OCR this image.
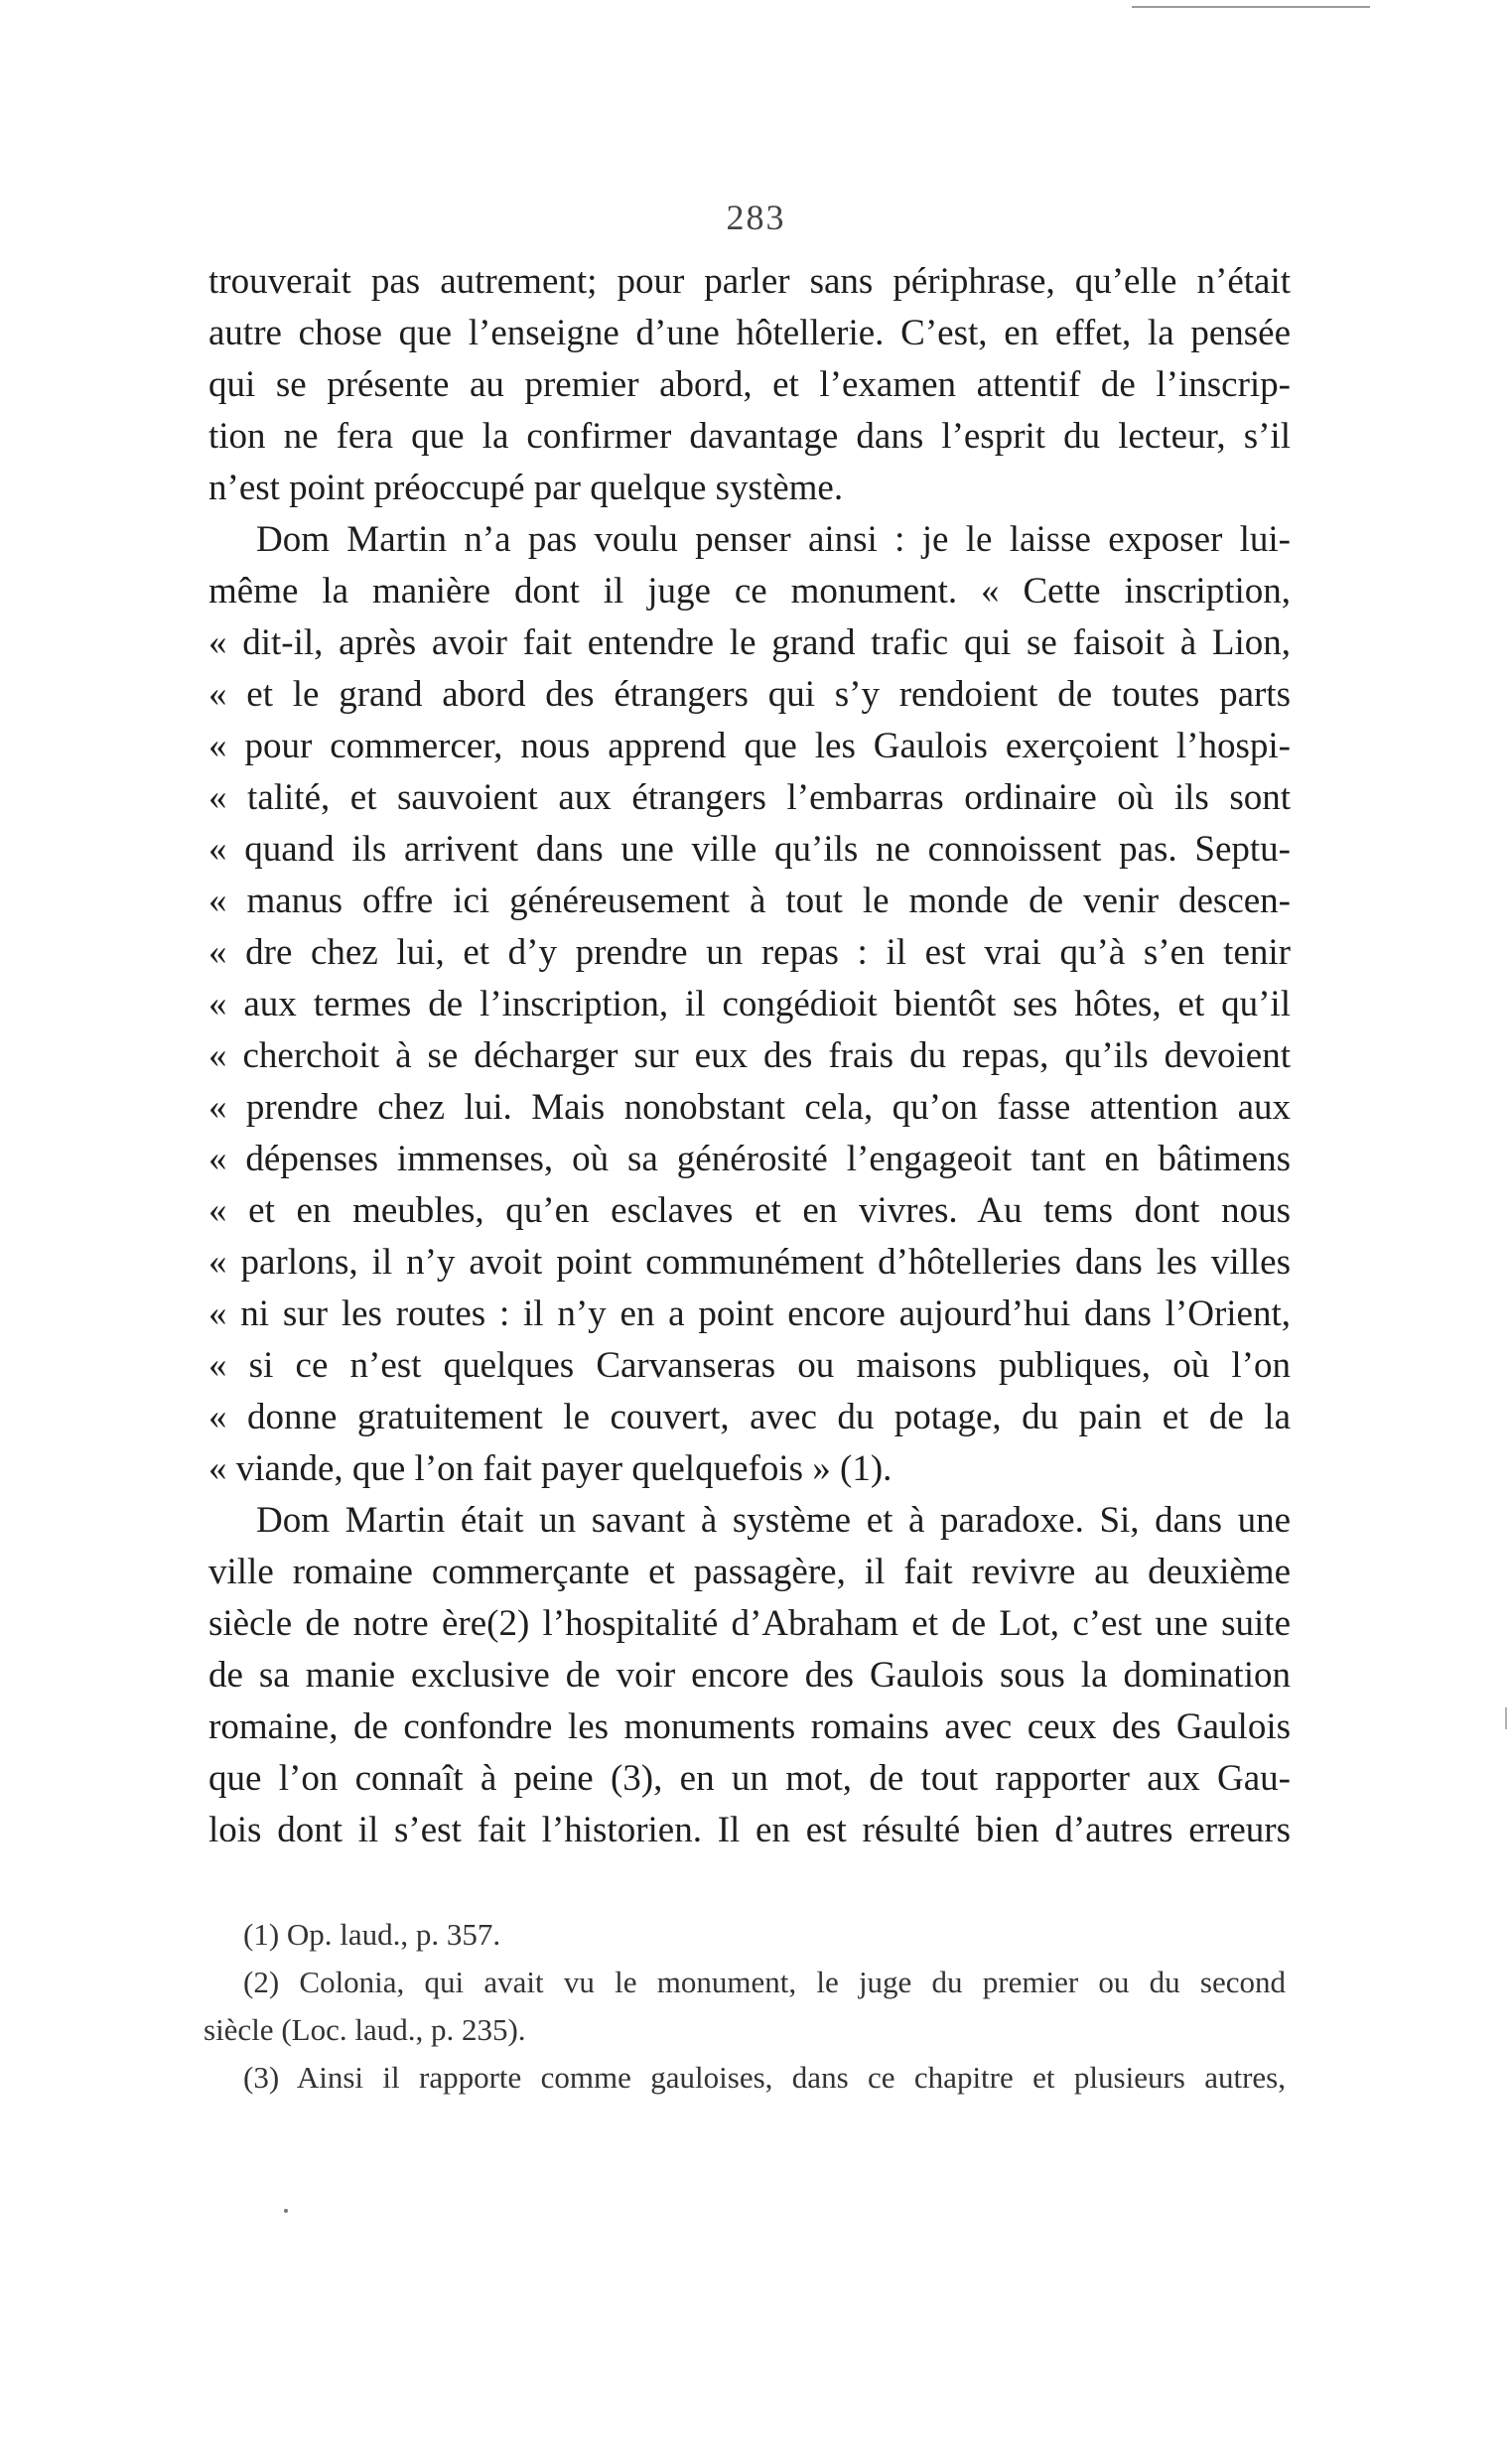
283
trouverait pas autrement; pour parler sans périphrase, qu’elle n’était
autre chose que l’enseigne d’une hôtellerie. C’est, en effet, la pensée
qui se présente au premier abord, et l’examen attentif de l’inscrip-
tion ne fera que la confirmer davantage dans l’esprit du lecteur, s’il
n’est point préoccupé par quelque système.
Dom Martin n’a pas voulu penser ainsi : je le laisse exposer lui-
même la manière dont il juge ce monument. « Cette inscription,
« dit-il, après avoir fait entendre le grand trafic qui se faisoit à Lion,
« et le grand abord des étrangers qui s’y rendoient de toutes parts
« pour commercer, nous apprend que les Gaulois exerçoient l’hospi-
« talité, et sauvoient aux étrangers l’embarras ordinaire où ils sont
« quand ils arrivent dans une ville qu’ils ne connoissent pas. Septu-
« manus offre ici généreusement à tout le monde de venir descen-
« dre chez lui, et d’y prendre un repas : il est vrai qu’à s’en tenir
« aux termes de l’inscription, il congédioit bientôt ses hôtes, et qu’il
« cherchoit à se décharger sur eux des frais du repas, qu’ils devoient
« prendre chez lui. Mais nonobstant cela, qu’on fasse attention aux
« dépenses immenses, où sa générosité l’engageoit tant en bâtimens
« et en meubles, qu’en esclaves et en vivres. Au tems dont nous
« parlons, il n’y avoit point communément d’hôtelleries dans les villes
« ni sur les routes : il n’y en a point encore aujourd’hui dans l’Orient,
« si ce n’est quelques Carvanseras ou maisons publiques, où l’on
« donne gratuitement le couvert, avec du potage, du pain et de la
« viande, que l’on fait payer quelquefois » (1).
Dom Martin était un savant à système et à paradoxe. Si, dans une
ville romaine commerçante et passagère, il fait revivre au deuxième
siècle de notre ère(2) l’hospitalité d’Abraham et de Lot, c’est une suite
de sa manie exclusive de voir encore des Gaulois sous la domination
romaine, de confondre les monuments romains avec ceux des Gaulois
que l’on connaît à peine (3), en un mot, de tout rapporter aux Gau-
lois dont il s’est fait l’historien. Il en est résulté bien d’autres erreurs
(1) Op. laud., p. 357.
(2) Colonia, qui avait vu le monument, le juge du premier ou du second
siècle (Loc. laud., p. 235).
(3) Ainsi il rapporte comme gauloises, dans ce chapitre et plusieurs autres,
